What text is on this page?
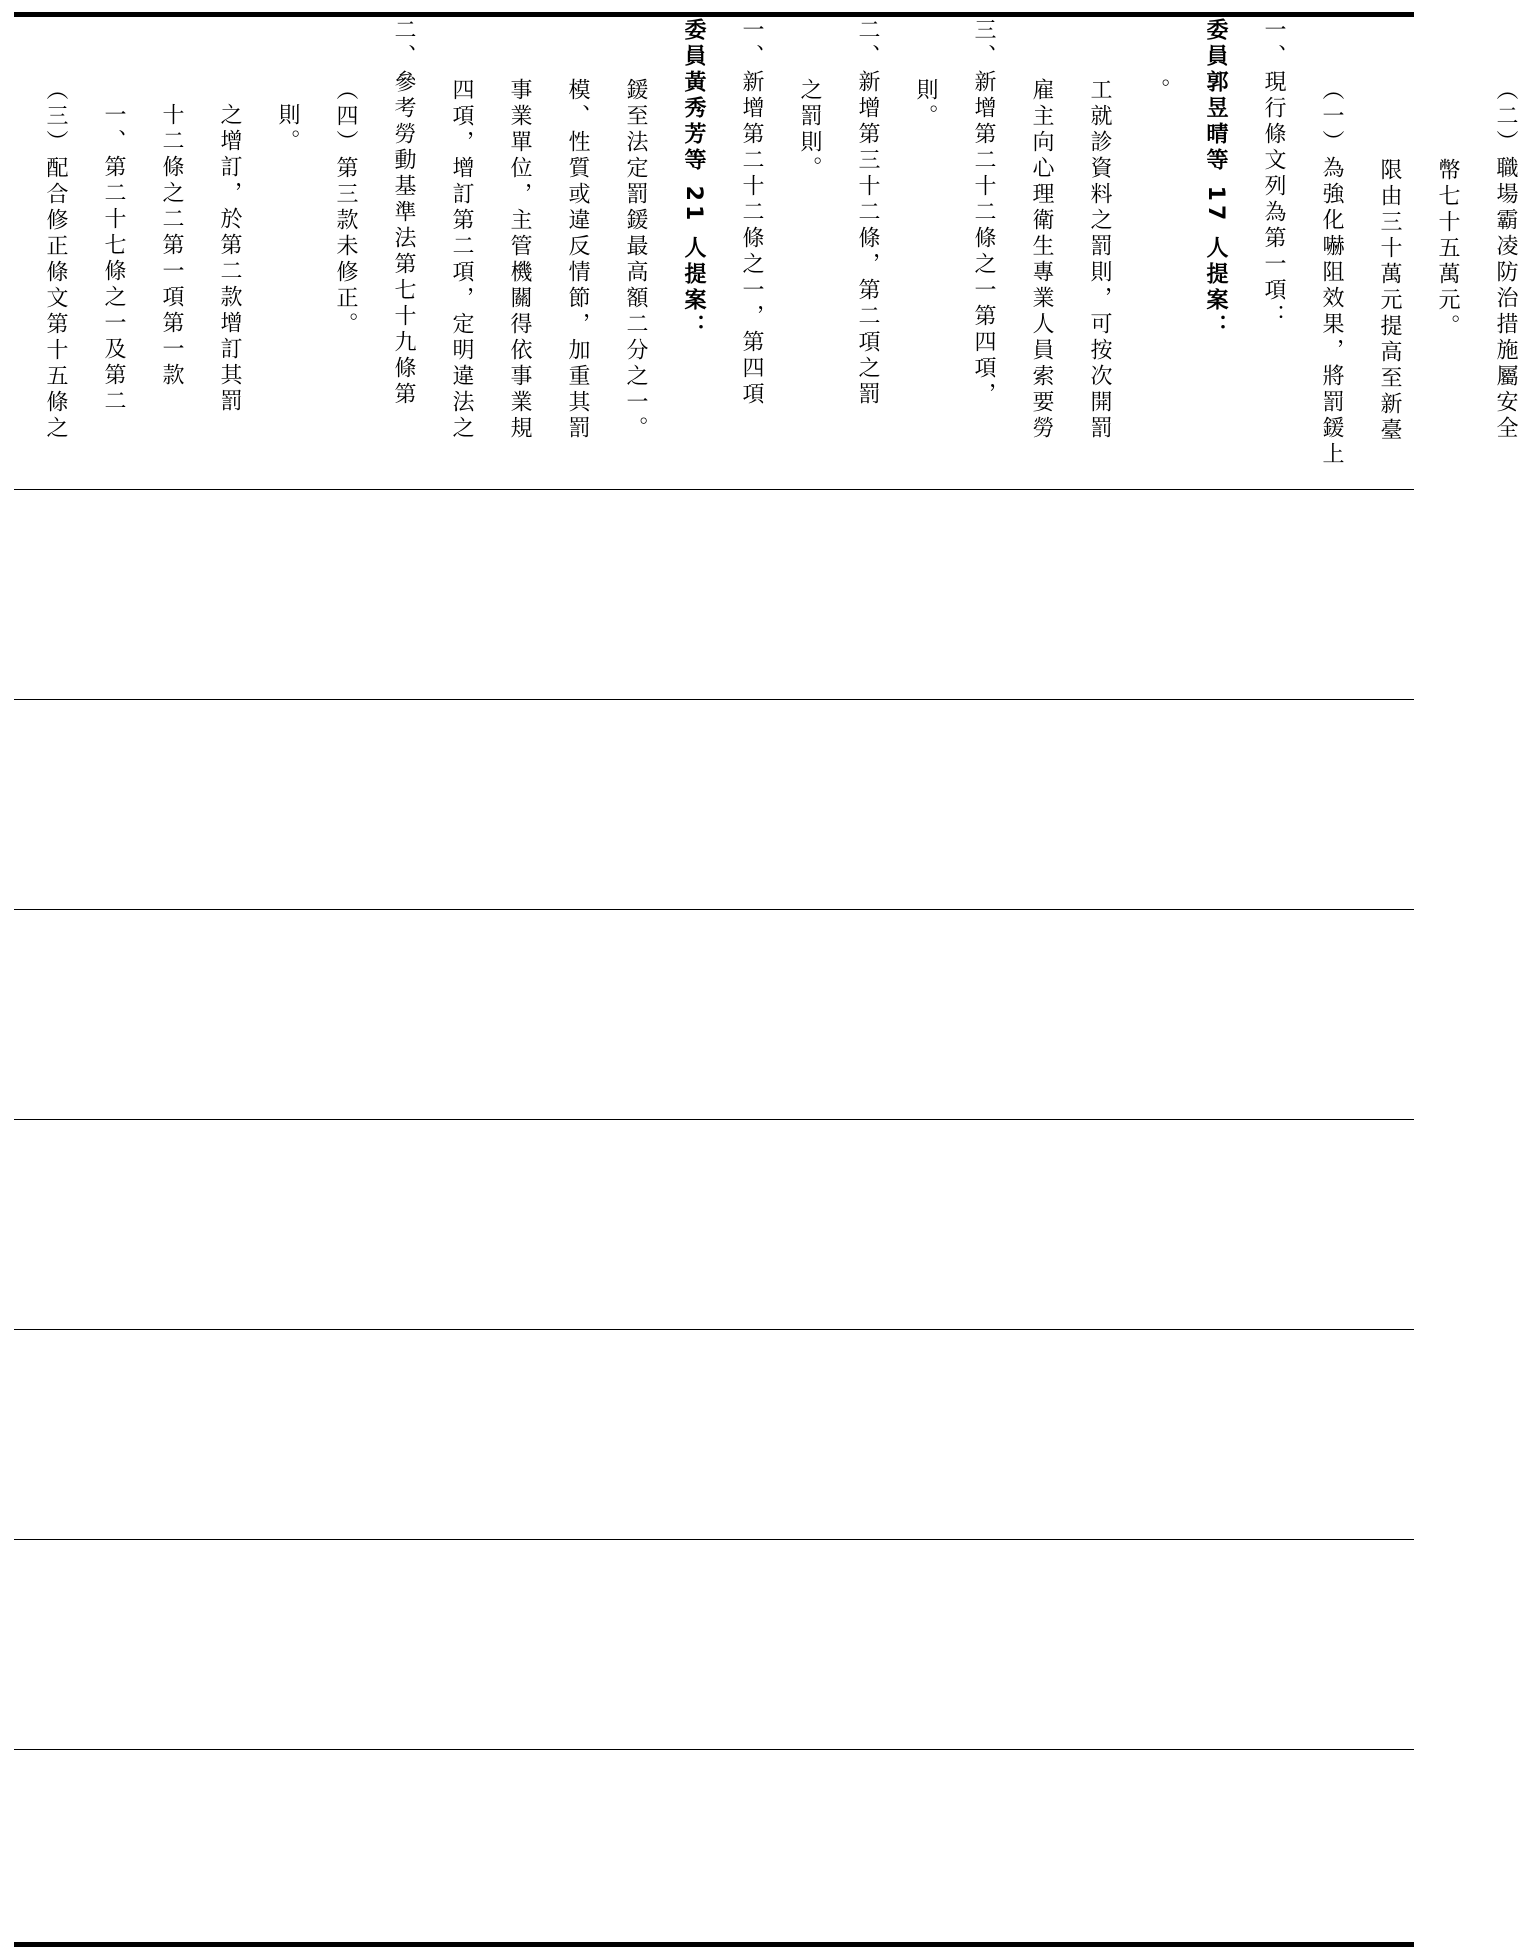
（三）配合修正條文第十五條之	一、第二十七條之一及第二	十二條之二第一項第一款	之增訂，於第二款增訂其罰	則。	（四）第三款未修正。	二、參考勞動基準法第七十九條第	四項，增訂第二項，定明違法之	事業單位，主管機關得依事業規	模、性質或違反情節，加重其罰	鍰至法定罰鍰最高額二分之一。	委員黃秀芳等 21 人提案：	一、新增第二十二條之一，第四項	之罰則。	二、新增第三十二條，第二項之罰	則。	三、新增第二十二條之一第四項，	雇主向心理衛生專業人員索要勞	工就診資料之罰則，可按次開罰	。	委員郭昱晴等 17 人提案：	一、現行條文列為第一項：	（一）為強化嚇阻效果，將罰鍰上	限由三十萬元提高至新臺	幣七十五萬元。	（二）職場霸凌防治措施屬安全
